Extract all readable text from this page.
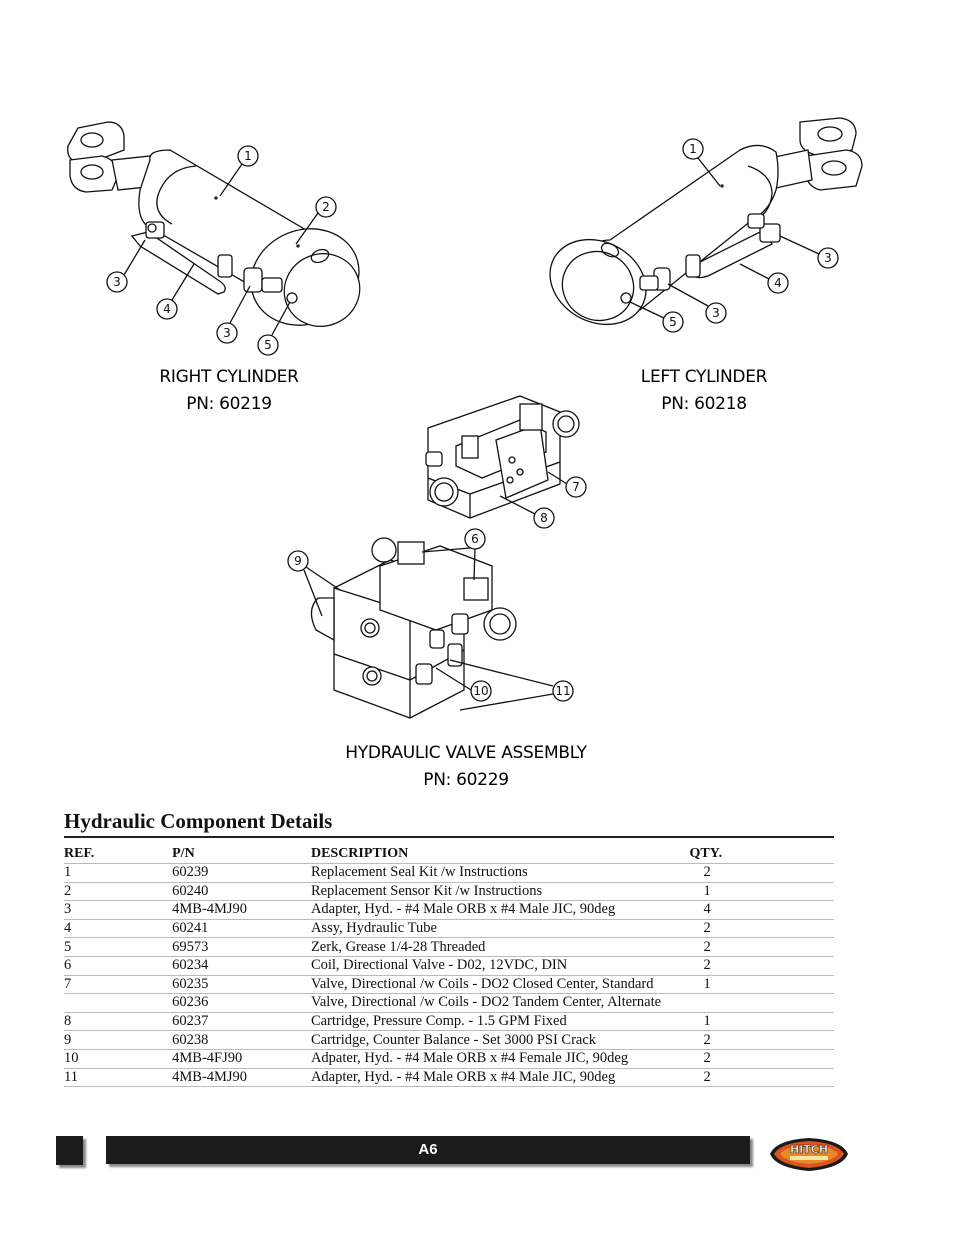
1
2
3
4
3
5
1
3
4
5
3
7
8
6
9
10	11
RIGHT CYLINDER
PN: 60219
LEFT CYLINDER
PN: 60218
HYDRAULIC VALVE ASSEMBLY
PN: 60229
Hydraulic Component Details
REF.	P/N	DESCRIPTION	QTY.
1	60239	Replacement Seal Kit /w Instructions	2
2	60240	Replacement Sensor Kit /w Instructions	1
3	4MB-4MJ90	Adapter, Hyd. - #4 Male ORB x #4 Male JIC, 90deg	4
4	60241	Assy, Hydraulic Tube	2
5	69573	Zerk, Grease 1/4-28 Threaded	2
6	60234	Coil, Directional Valve - D02, 12VDC, DIN	2
7	60235	Valve, Directional /w Coils - DO2 Closed Center, Standard	1
	60236	Valve, Directional /w Coils - DO2 Tandem Center, Alternate	
8	60237	Cartridge, Pressure Comp. - 1.5 GPM Fixed	1
9	60238	Cartridge, Counter Balance - Set 3000 PSI Crack	2
10	4MB-4FJ90	Adpater, Hyd. - #4 Male ORB x #4 Female JIC, 90deg	2
11	4MB-4MJ90	Adapter, Hyd. - #4 Male ORB x #4 Male JIC, 90deg	2
A6	HITCH
